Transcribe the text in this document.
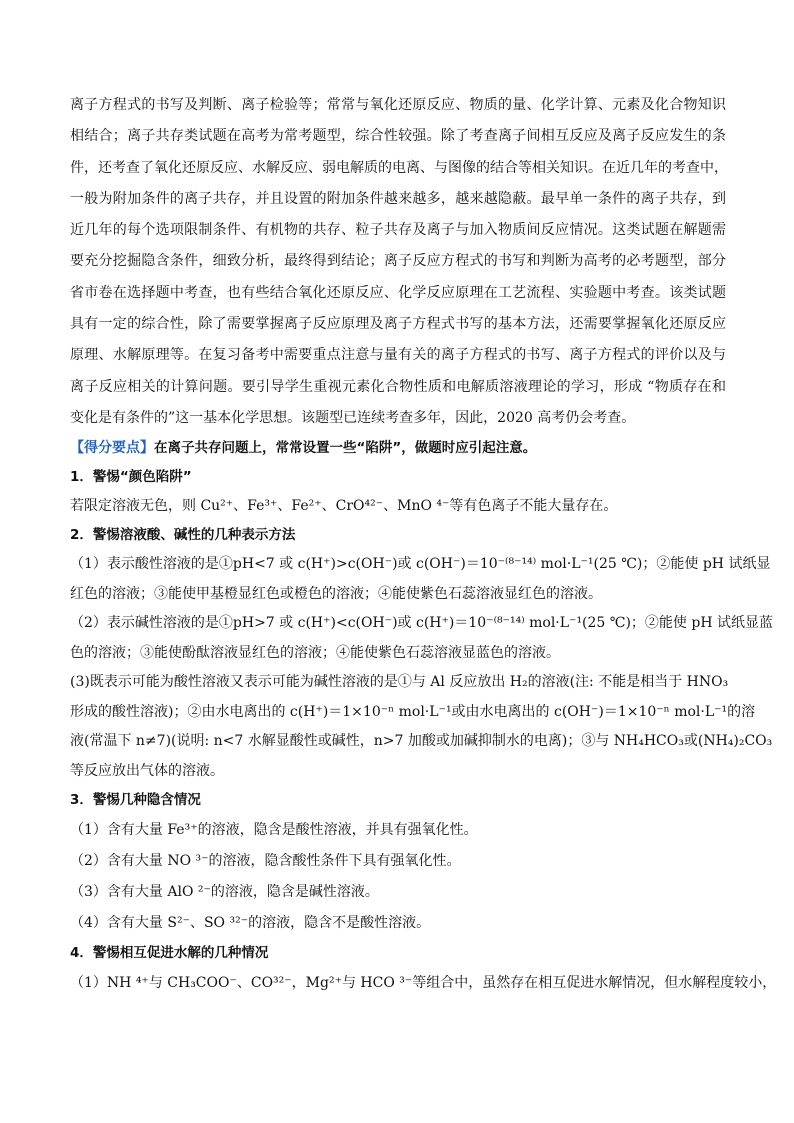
离子方程式的书写及判断、离子检验等；常常与氧化还原反应、物质的量、化学计算、元素及化合物知识
相结合；离子共存类试题在高考为常考题型，综合性较强。除了考查离子间相互反应及离子反应发生的条
件，还考查了氧化还原反应、水解反应、弱电解质的电离、与图像的结合等相关知识。在近几年的考查中，
一般为附加条件的离子共存，并且设置的附加条件越来越多，越来越隐蔽。最早单一条件的离子共存，到
近几年的每个选项限制条件、有机物的共存、粒子共存及离子与加入物质间反应情况。这类试题在解题需
要充分挖掘隐含条件，细致分析，最终得到结论；离子反应方程式的书写和判断为高考的必考题型，部分
省市卷在选择题中考查，也有些结合氧化还原反应、化学反应原理在工艺流程、实验题中考查。该类试题
具有一定的综合性，除了需要掌握离子反应原理及离子方程式书写的基本方法，还需要掌握氧化还原反应
原理、水解原理等。在复习备考中需要重点注意与量有关的离子方程式的书写、离子方程式的评价以及与
离子反应相关的计算问题。要引导学生重视元素化合物性质和电解质溶液理论的学习，形成 “物质存在和
变化是有条件的”这一基本化学思想。该题型已连续考查多年，因此，2020 高考仍会考查。

【得分要点】在离子共存问题上，常常设置一些“陷阱”，做题时应引起注意。

1．警惕“颜色陷阱”

若限定溶液无色，则 Cu²⁺、Fe³⁺、Fe²⁺、CrO⁴²⁻、MnO ⁴⁻等有色离子不能大量存在。

2．警惕溶液酸、碱性的几种表示方法

（1）表示酸性溶液的是①pH<7 或 c(H⁺)>c(OH⁻)或 c(OH⁻)＝10⁻⁽⁸⁻¹⁴⁾ mol·L⁻¹(25 ℃)；②能使 pH 试纸显
红色的溶液；③能使甲基橙显红色或橙色的溶液；④能使紫色石蕊溶液显红色的溶液。
（2）表示碱性溶液的是①pH>7 或 c(H⁺)<c(OH⁻)或 c(H⁺)＝10⁻⁽⁸⁻¹⁴⁾ mol·L⁻¹(25 ℃)；②能使 pH 试纸显蓝
色的溶液；③能使酚酞溶液显红色的溶液；④能使紫色石蕊溶液显蓝色的溶液。
(3)既表示可能为酸性溶液又表示可能为碱性溶液的是①与 Al 反应放出 H₂的溶液(注: 不能是相当于 HNO₃
形成的酸性溶液)；②由水电离出的 c(H⁺)＝1×10⁻ⁿ mol·L⁻¹或由水电离出的 c(OH⁻)＝1×10⁻ⁿ mol·L⁻¹的溶
液(常温下 n≠7)(说明: n<7 水解显酸性或碱性，n>7 加酸或加碱抑制水的电离)；③与 NH₄HCO₃或(NH₄)₂CO₃
等反应放出气体的溶液。

3．警惕几种隐含情况

（1）含有大量 Fe³⁺的溶液，隐含是酸性溶液，并具有强氧化性。

（2）含有大量 NO ³⁻的溶液，隐含酸性条件下具有强氧化性。

（3）含有大量 AlO ²⁻的溶液，隐含是碱性溶液。

（4）含有大量 S²⁻、SO ³²⁻的溶液，隐含不是酸性溶液。

4．警惕相互促进水解的几种情况

（1）NH ⁴⁺与 CH₃COO⁻、CO³²⁻，Mg²⁺与 HCO ³⁻等组合中，虽然存在相互促进水解情况，但水解程度较小，
